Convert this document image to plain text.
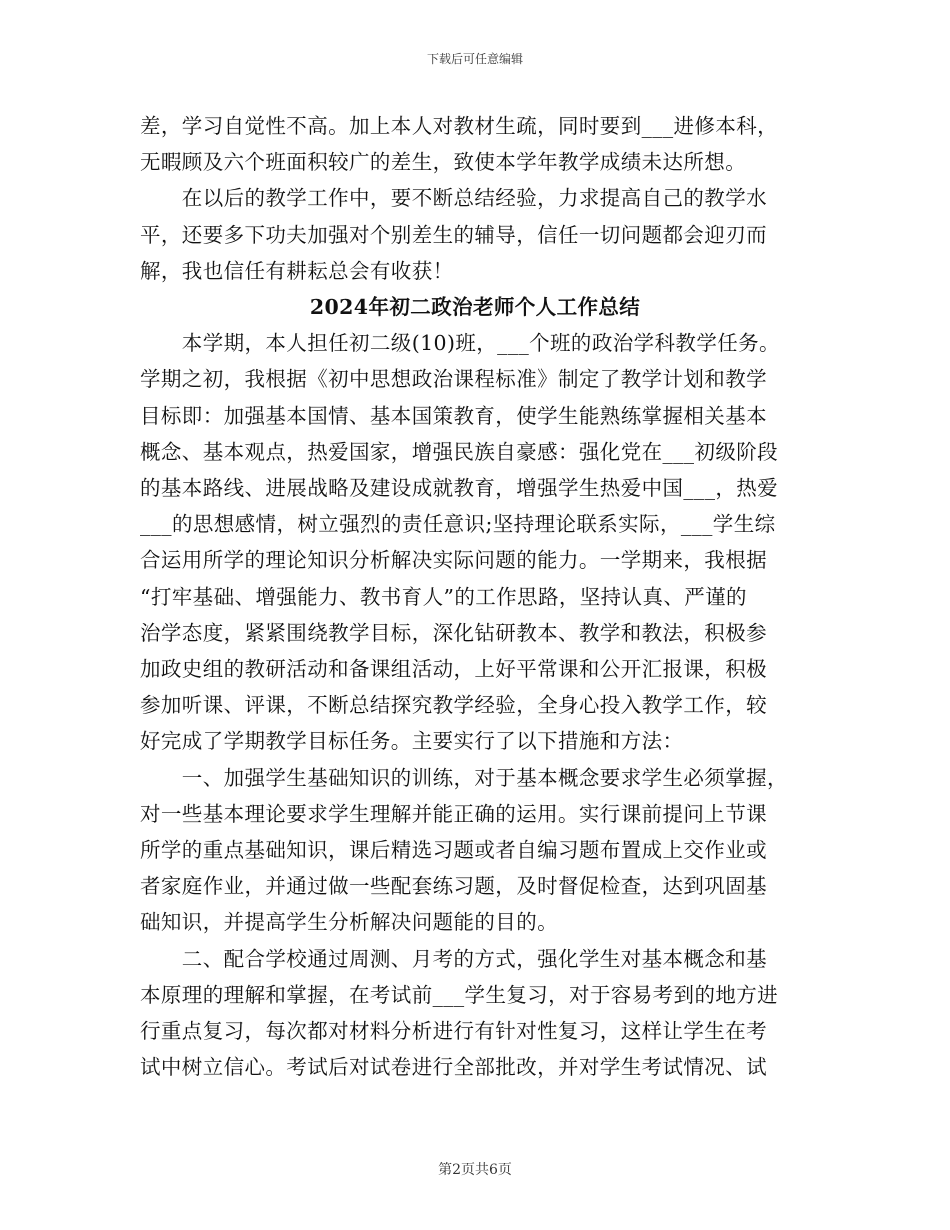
下载后可任意编辑

差，学习自觉性不高。加上本人对教材生疏，同时要到___进修本科，
无暇顾及六个班面积较广的差生，致使本学年教学成绩未达所想。

　　在以后的教学工作中，要不断总结经验，力求提高自己的教学水
平，还要多下功夫加强对个别差生的辅导，信任一切问题都会迎刃而
解，我也信任有耕耘总会有收获！

2024年初二政治老师个人工作总结

　　本学期，本人担任初二级(10)班，___个班的政治学科教学任务。
学期之初，我根据《初中思想政治课程标准》制定了教学计划和教学
目标即：加强基本国情、基本国策教育，使学生能熟练掌握相关基本
概念、基本观点，热爱国家，增强民族自豪感：强化党在___初级阶段
的基本路线、进展战略及建设成就教育，增强学生热爱中国___，热爱
___的思想感情，树立强烈的责任意识;坚持理论联系实际，___学生综
合运用所学的理论知识分析解决实际问题的能力。一学期来，我根据
“打牢基础、增强能力、教书育人”的工作思路，坚持认真、严谨的
治学态度，紧紧围绕教学目标，深化钻研教本、教学和教法，积极参
加政史组的教研活动和备课组活动，上好平常课和公开汇报课，积极
参加听课、评课，不断总结探究教学经验，全身心投入教学工作，较
好完成了学期教学目标任务。主要实行了以下措施和方法：

　　一、加强学生基础知识的训练，对于基本概念要求学生必须掌握，
对一些基本理论要求学生理解并能正确的运用。实行课前提问上节课
所学的重点基础知识，课后精选习题或者自编习题布置成上交作业或
者家庭作业，并通过做一些配套练习题，及时督促检查，达到巩固基
础知识，并提高学生分析解决问题能的目的。

　　二、配合学校通过周测、月考的方式，强化学生对基本概念和基
本原理的理解和掌握，在考试前___学生复习，对于容易考到的地方进
行重点复习，每次都对材料分析进行有针对性复习，这样让学生在考
试中树立信心。考试后对试卷进行全部批改，并对学生考试情况、试

第2页共6页
